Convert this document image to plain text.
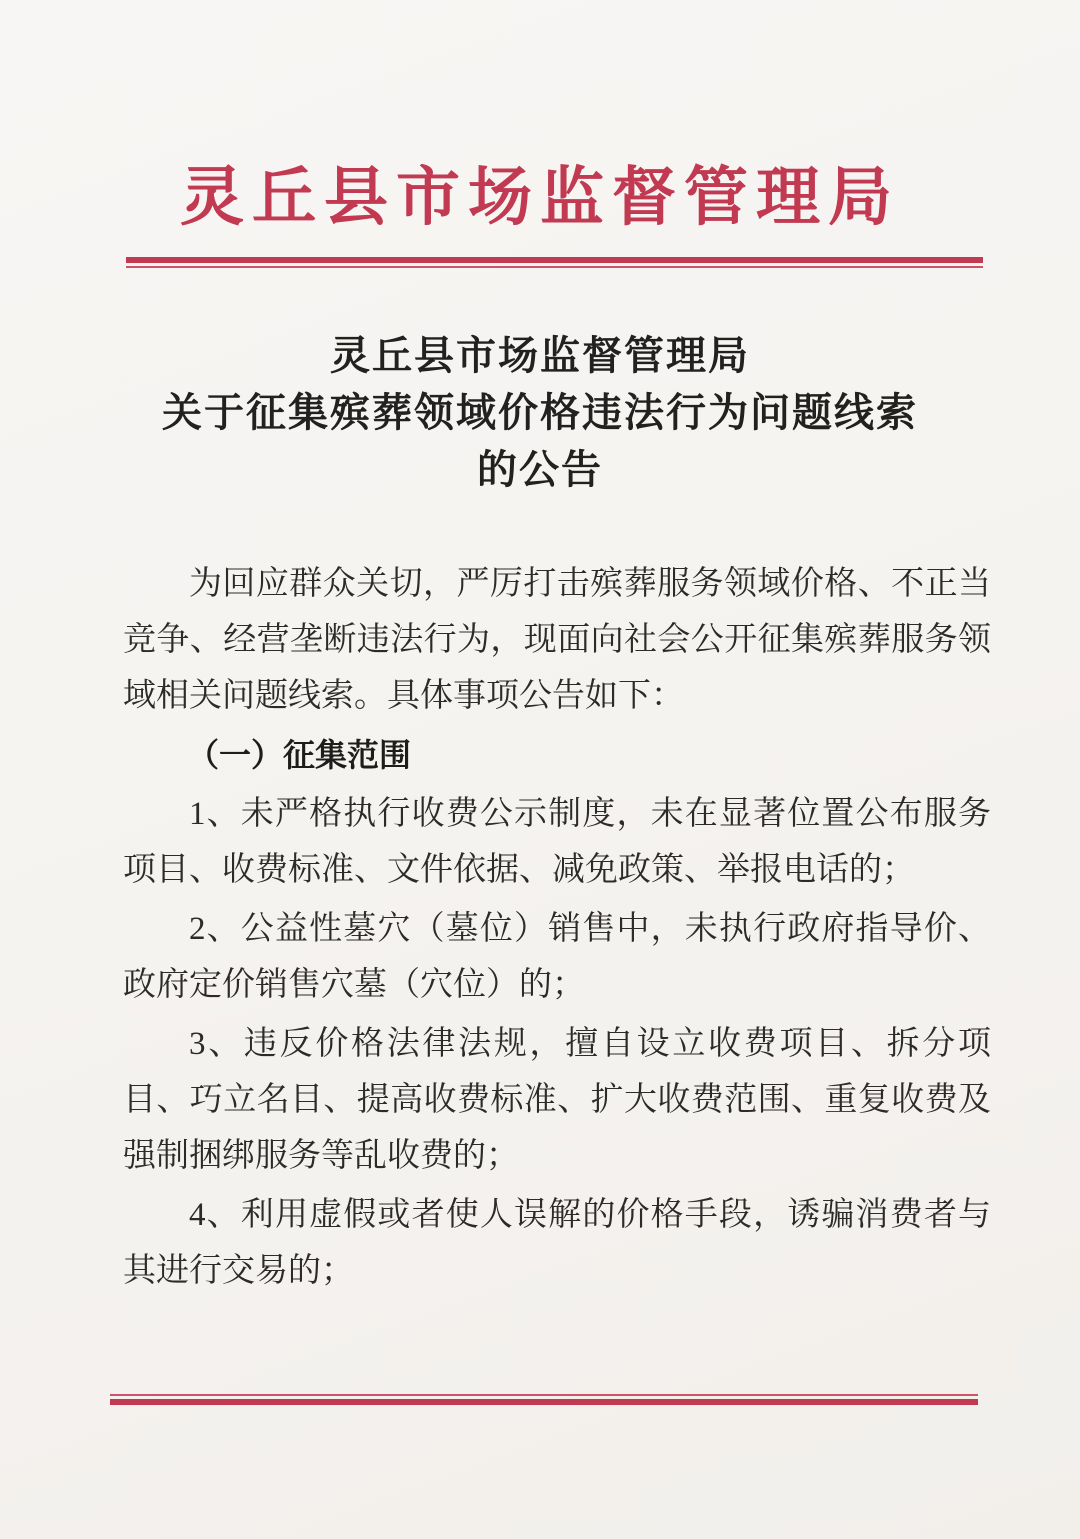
灵丘县市场监督管理局
灵丘县市场监督管理局
关于征集殡葬领域价格违法行为问题线索
的公告

为回应群众关切，严厉打击殡葬服务领域价格、不正当竞争、经营垄断违法行为，现面向社会公开征集殡葬服务领域相关问题线索。具体事项公告如下：

（一）征集范围

1、未严格执行收费公示制度，未在显著位置公布服务项目、收费标准、文件依据、减免政策、举报电话的；

2、公益性墓穴（墓位）销售中，未执行政府指导价、政府定价销售穴墓（穴位）的；

3、违反价格法律法规，擅自设立收费项目、拆分项目、巧立名目、提高收费标准、扩大收费范围、重复收费及强制捆绑服务等乱收费的；

4、利用虚假或者使人误解的价格手段，诱骗消费者与其进行交易的；
